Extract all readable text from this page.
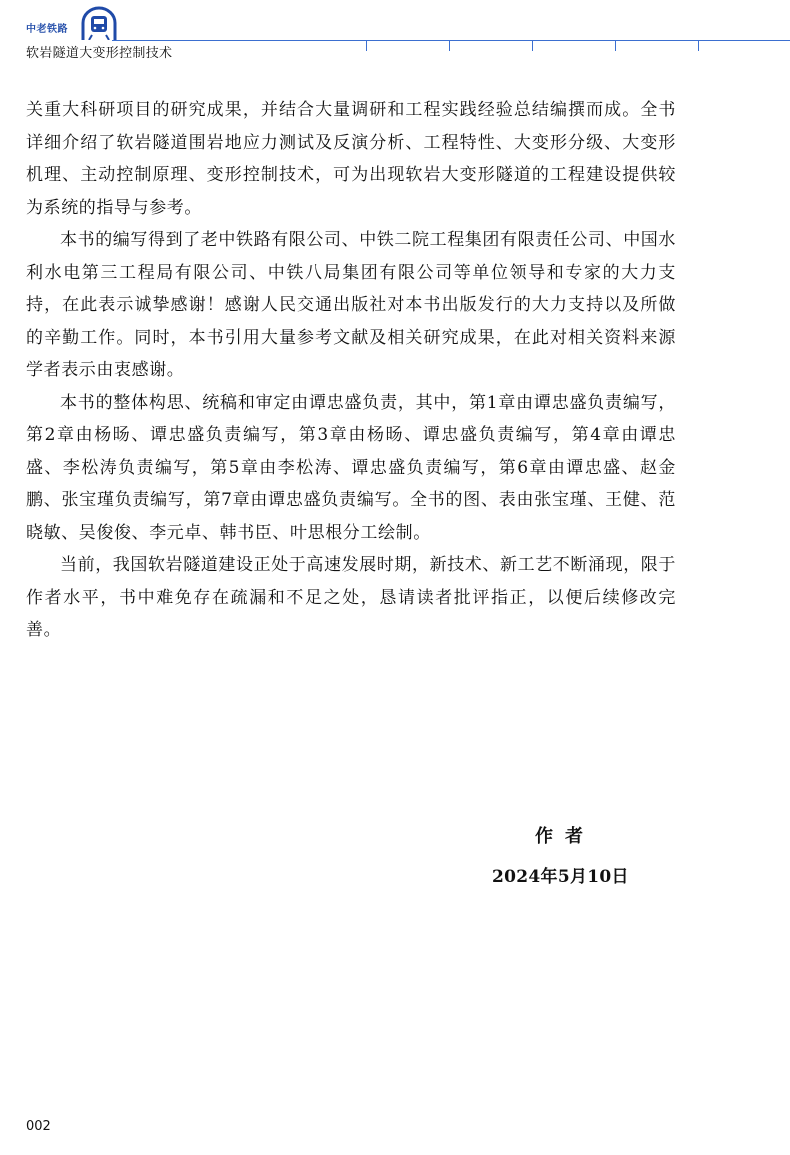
中老铁路
软岩隧道大变形控制技术

关重大科研项目的研究成果，并结合大量调研和工程实践经验总结编撰而成。全书详细介绍了软岩隧道围岩地应力测试及反演分析、工程特性、大变形分级、大变形机理、主动控制原理、变形控制技术，可为出现软岩大变形隧道的工程建设提供较为系统的指导与参考。

本书的编写得到了老中铁路有限公司、中铁二院工程集团有限责任公司、中国水利水电第三工程局有限公司、中铁八局集团有限公司等单位领导和专家的大力支持，在此表示诚挚感谢！感谢人民交通出版社对本书出版发行的大力支持以及所做的辛勤工作。同时，本书引用大量参考文献及相关研究成果，在此对相关资料来源学者表示由衷感谢。

本书的整体构思、统稿和审定由谭忠盛负责，其中，第1章由谭忠盛负责编写，第2章由杨旸、谭忠盛负责编写，第3章由杨旸、谭忠盛负责编写，第4章由谭忠盛、李松涛负责编写，第5章由李松涛、谭忠盛负责编写，第6章由谭忠盛、赵金鹏、张宝瑾负责编写，第7章由谭忠盛负责编写。全书的图、表由张宝瑾、王健、范晓敏、吴俊俊、李元卓、韩书臣、叶思根分工绘制。

当前，我国软岩隧道建设正处于高速发展时期，新技术、新工艺不断涌现，限于作者水平，书中难免存在疏漏和不足之处，恳请读者批评指正，以便后续修改完善。

作者
2024年5月10日
002
